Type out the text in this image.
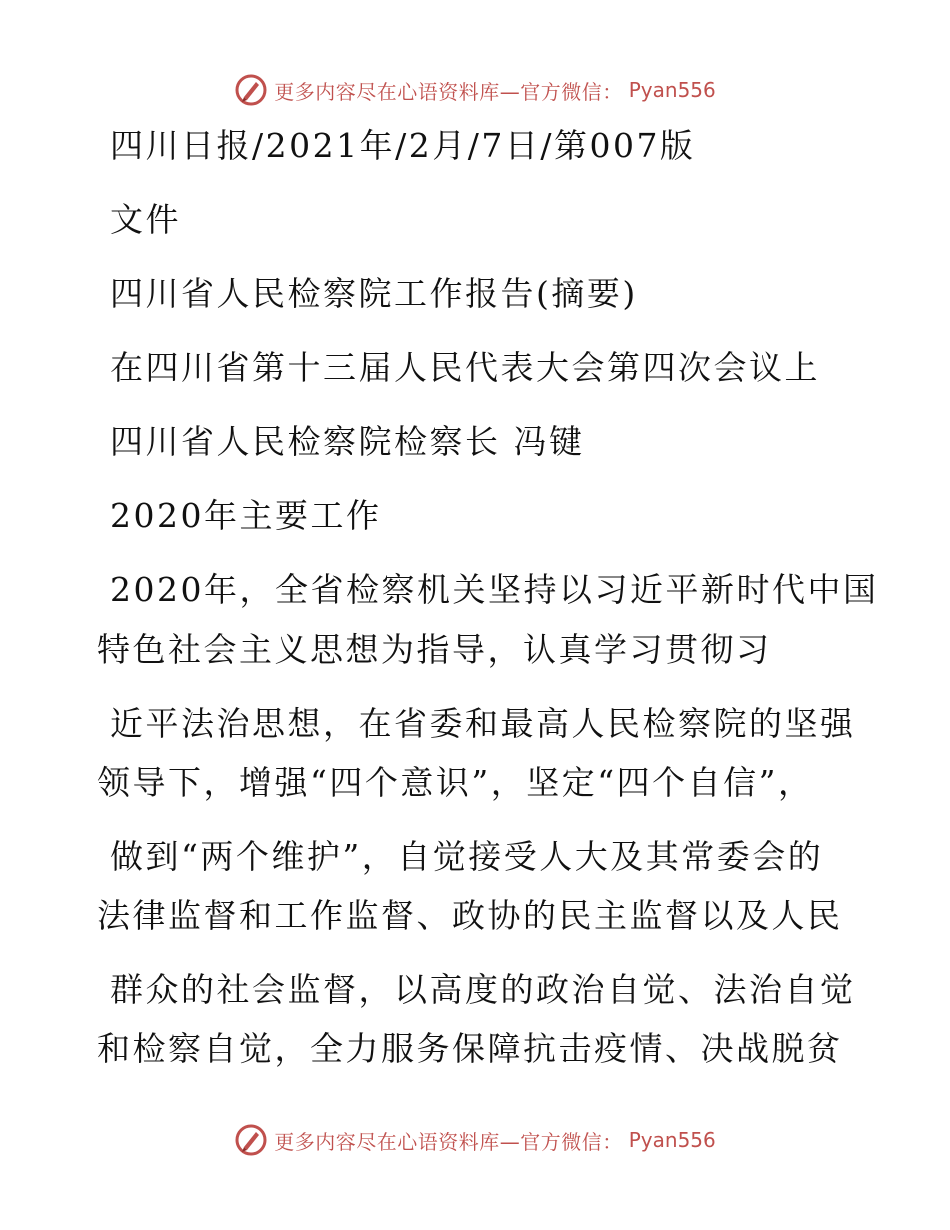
更多内容尽在心语资料库—官方微信： Pyan556
四川日报/2021年/2月/7日/第007版
文件
四川省人民检察院工作报告(摘要)
在四川省第十三届人民代表大会第四次会议上
四川省人民检察院检察长 冯键
2020年主要工作
2020年，全省检察机关坚持以习近平新时代中国
特色社会主义思想为指导，认真学习贯彻习
近平法治思想，在省委和最高人民检察院的坚强
领导下，增强“四个意识”，坚定“四个自信”，
做到“两个维护”，自觉接受人大及其常委会的
法律监督和工作监督、政协的民主监督以及人民
群众的社会监督，以高度的政治自觉、法治自觉
和检察自觉，全力服务保障抗击疫情、决战脱贫
更多内容尽在心语资料库—官方微信： Pyan556
